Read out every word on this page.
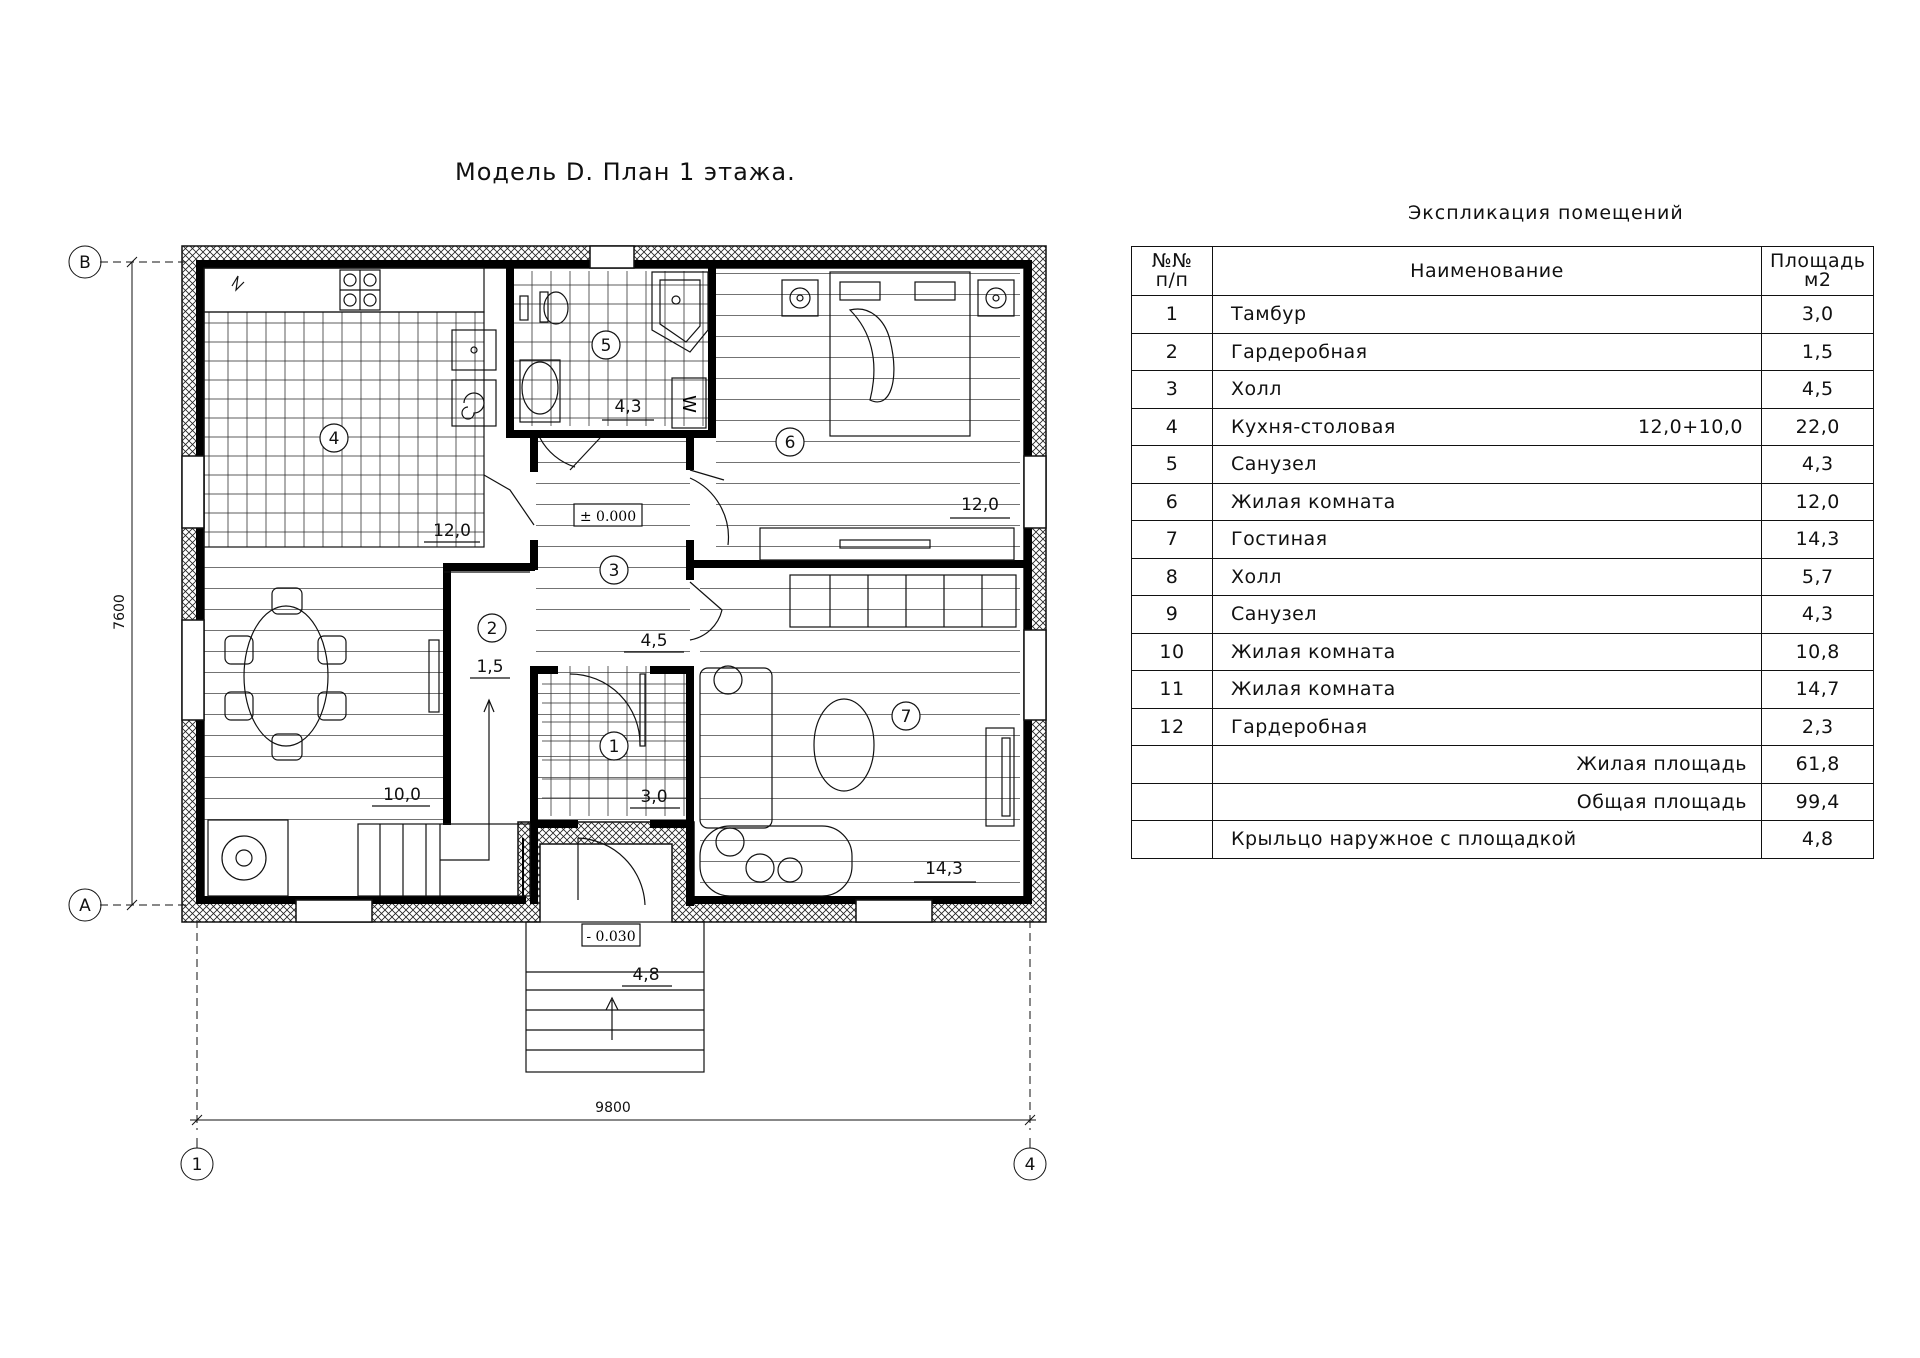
Модель D. План 1 этажа.
Экспликация помещений
№№
п/п	Наименование	Площадь
м2
1	Тамбур	3,0
2	Гардеробная	1,5
3	Холл	4,5
4	Кухня-столовая 12,0+10,0	22,0
5	Санузел	4,3
6	Жилая комната	12,0
7	Гостиная	14,3
8	Холл	5,7
9	Санузел	4,3
10	Жилая комната	10,8
11	Жилая комната	14,7
12	Гардеробная	2,3
	Жилая площадь	61,8
	Общая площадь	99,4
	Крыльцо наружное с площадкой	4,8
W
В
А
1	4
7600
9800
± 0.000
- 0.030
4
12,0
10,0
5
4,3
6
12,0
3
4,5
2
1,5
1
3,0
7
14,3
4,8
